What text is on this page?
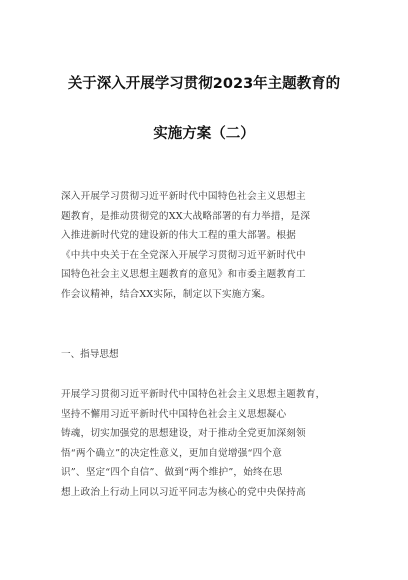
关于深入开展学习贯彻2023年主题教育的
实施方案（二）
深入开展学习贯彻习近平新时代中国特色社会主义思想主
题教育，是推动贯彻党的XX大战略部署的有力举措，是深
入推进新时代党的建设新的伟大工程的重大部署。根据
《中共中央关于在全党深入开展学习贯彻习近平新时代中
国特色社会主义思想主题教育的意见》和市委主题教育工
作会议精神，结合XX实际，制定以下实施方案。
一、指导思想
开展学习贯彻习近平新时代中国特色社会主义思想主题教育，
坚持不懈用习近平新时代中国特色社会主义思想凝心
铸魂，切实加强党的思想建设，对于推动全党更加深刻领
悟“两个确立”的决定性意义，更加自觉增强“四个意
识”、坚定“四个自信”、做到“两个维护”，始终在思
想上政治上行动上同以习近平同志为核心的党中央保持高
